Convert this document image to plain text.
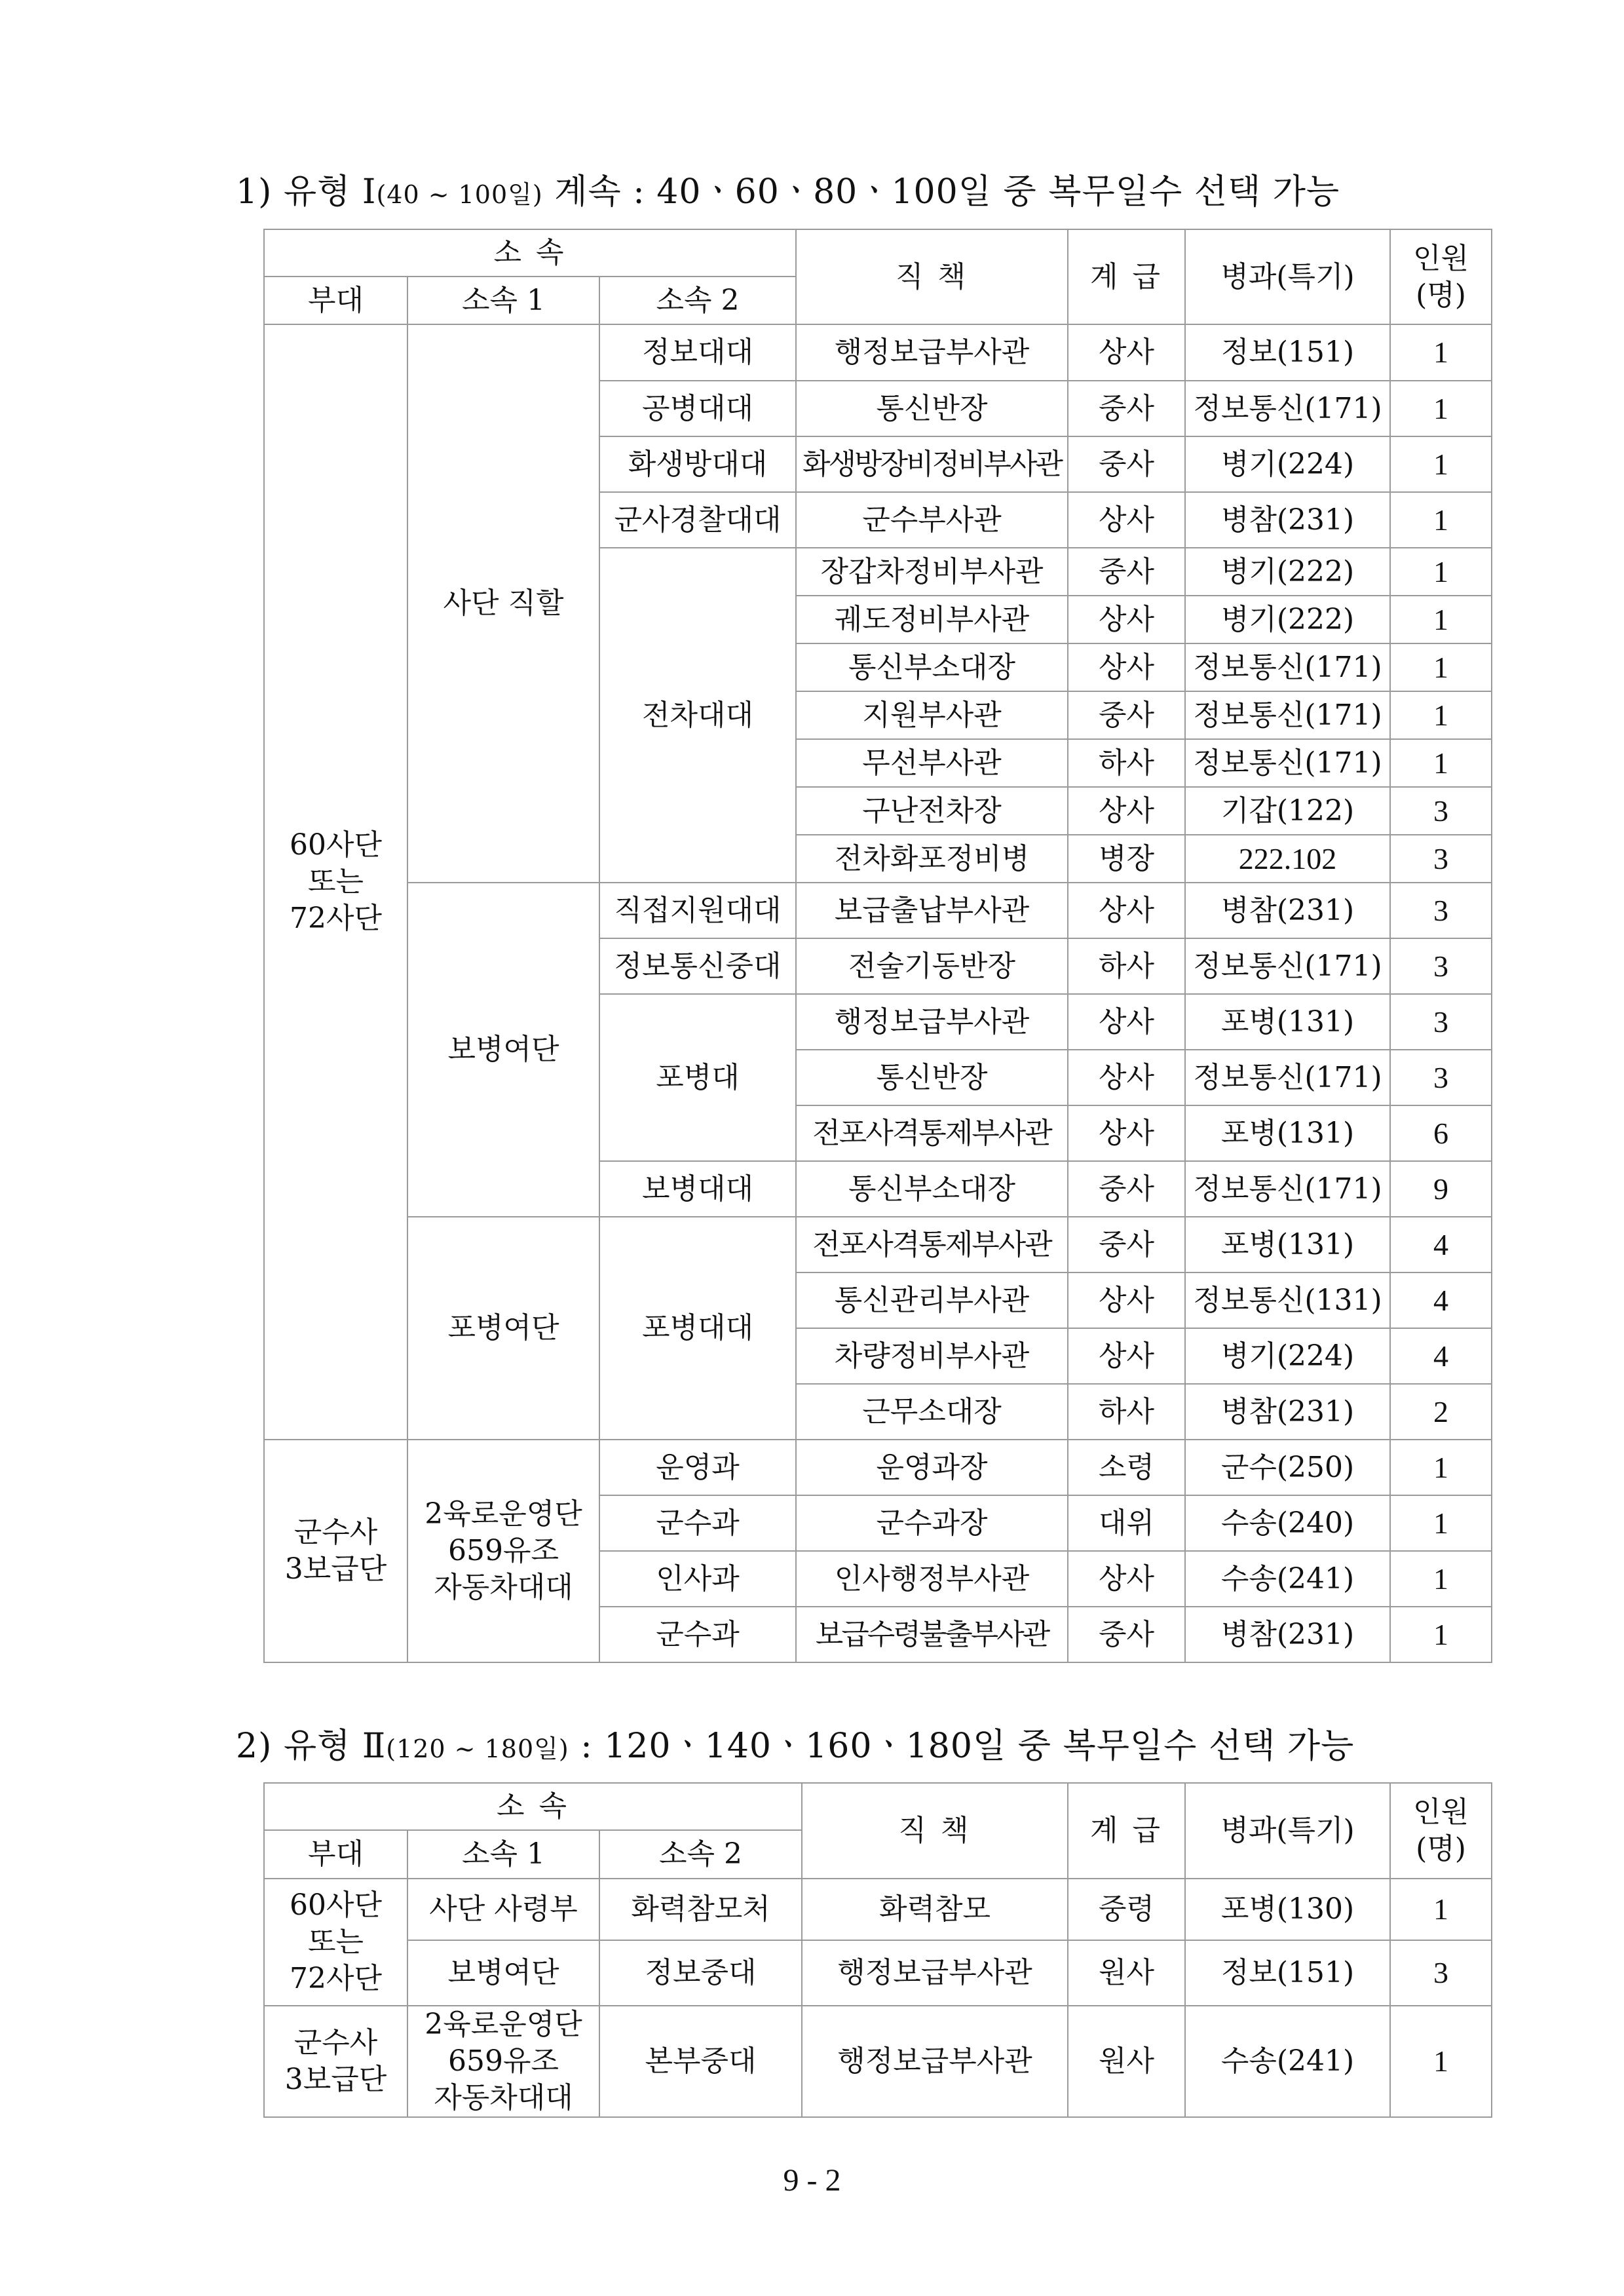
1) 유형 Ⅰ(40 ~ 100일) 계속 : 40ㆍ60ㆍ80ㆍ100일 중 복무일수 선택 가능
소 속			직 책	계 급	병과(특기)	인원
(명)
부대	소속 1	소속 2				
60사단
또는
72사단	사단 직할	정보대대	행정보급부사관	상사	정보(151)	1
		공병대대	통신반장	중사	정보통신(171)	1
		화생방대대	화생방장비정비부사관	중사	병기(224)	1
		군사경찰대대	군수부사관	상사	병참(231)	1
		전차대대	장갑차정비부사관	중사	병기(222)	1
			궤도정비부사관	상사	병기(222)	1
			통신부소대장	상사	정보통신(171)	1
			지원부사관	중사	정보통신(171)	1
			무선부사관	하사	정보통신(171)	1
			구난전차장	상사	기갑(122)	3
			전차화포정비병	병장	222.102	3
	보병여단	직접지원대대	보급출납부사관	상사	병참(231)	3
		정보통신중대	전술기동반장	하사	정보통신(171)	3
		포병대	행정보급부사관	상사	포병(131)	3
			통신반장	상사	정보통신(171)	3
			전포사격통제부사관	상사	포병(131)	6
		보병대대	통신부소대장	중사	정보통신(171)	9
	포병여단	포병대대	전포사격통제부사관	중사	포병(131)	4
			통신관리부사관	상사	정보통신(131)	4
			차량정비부사관	상사	병기(224)	4
			근무소대장	하사	병참(231)	2
군수사
3보급단	2육로운영단
659유조
자동차대대	운영과	운영과장	소령	군수(250)	1
		군수과	군수과장	대위	수송(240)	1
		인사과	인사행정부사관	상사	수송(241)	1
		군수과	보급수령불출부사관	중사	병참(231)	1
2) 유형 Ⅱ(120 ~ 180일) : 120ㆍ140ㆍ160ㆍ180일 중 복무일수 선택 가능
소 속			직 책	계 급	병과(특기)	인원
(명)
부대	소속 1	소속 2				
60사단
또는
72사단	사단 사령부	화력참모처	화력참모	중령	포병(130)	1
	보병여단	정보중대	행정보급부사관	원사	정보(151)	3
군수사
3보급단	2육로운영단
659유조
자동차대대	본부중대	행정보급부사관	원사	수송(241)	1
9 - 2
